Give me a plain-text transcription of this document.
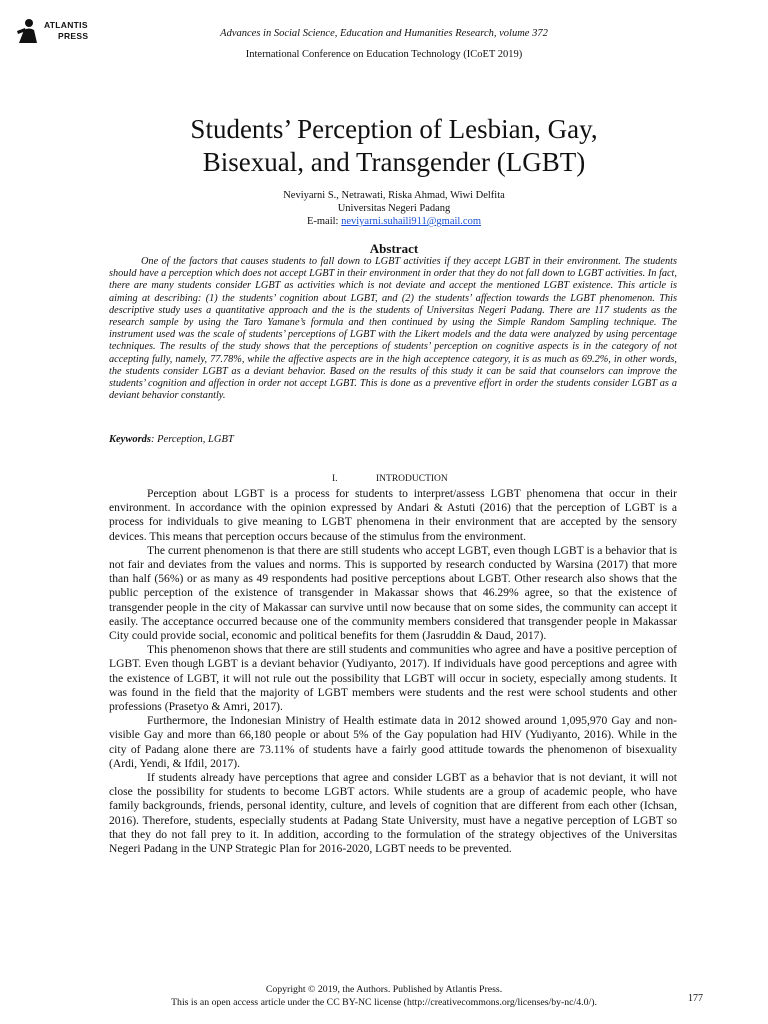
ATLANTIS
PRESS	Advances in Social Science, Education and Humanities Research, volume 372
International Conference on Education Technology (ICoET 2019)
Students’ Perception of Lesbian, Gay,
Bisexual, and Transgender (LGBT)
Neviyarni S., Netrawati, Riska Ahmad, Wiwi Delfita
Universitas Negeri Padang
E-mail: neviyarni.suhaili911@gmail.com
Abstract
One of the factors that causes students to fall down to LGBT activities if they accept LGBT in their environment. The students should have a perception which does not accept LGBT in their environment in order that they do not fall down to LGBT activities. In fact, there are many students consider LGBT as activities which is not deviate and accept the mentioned LGBT existence. This article is aiming at describing: (1) the students’ cognition about LGBT, and (2) the students’ affection towards the LGBT phenomenon. This descriptive study uses a quantitative approach and the is the students of Universitas Negeri Padang. There are 117 students as the research sample by using the Taro Yamane’s formula and then continued by using the Simple Random Sampling technique. The instrument used was the scale of students’ perceptions of LGBT with the Likert models and the data were analyzed by using percentage techniques. The results of the study shows that the perceptions of students’ perception on cognitive aspects is in the category of not accepting fully, namely, 77.78%, while the affective aspects are in the high acceptence category, it is as much as 69.2%, in other words, the students consider LGBT as a deviant behavior. Based on the results of this study it can be said that counselors can improve the students’ cognition and affection in order not accept LGBT. This is done as a preventive effort in order the students consider LGBT as a deviant behavior constantly.
Keywords: Perception, LGBT
I.	INTRODUCTION

Perception about LGBT is a process for students to interpret/assess LGBT phenomena that occur in their environment. In accordance with the opinion expressed by Andari & Astuti (2016) that the perception of LGBT is a process for individuals to give meaning to LGBT phenomena in their environment that are accepted by the sensory devices. This means that perception occurs because of the stimulus from the environment.

The current phenomenon is that there are still students who accept LGBT, even though LGBT is a behavior that is not fair and deviates from the values and norms. This is supported by research conducted by Warsina (2017) that more than half (56%) or as many as 49 respondents had positive perceptions about LGBT. Other research also shows that the public perception of the existence of transgender in Makassar shows that 46.29% agree, so that the existence of transgender people in the city of Makassar can survive until now because that on some sides, the community can accept it easily. The acceptance occurred because one of the community members considered that transgender people in Makassar City could provide social, economic and political benefits for them (Jasruddin & Daud, 2017).

This phenomenon shows that there are still students and communities who agree and have a positive perception of LGBT. Even though LGBT is a deviant behavior (Yudiyanto, 2017). If individuals have good perceptions and agree with the existence of LGBT, it will not rule out the possibility that LGBT will occur in society, especially among students. It was found in the field that the majority of LGBT members were students and the rest were school students and other professions (Prasetyo & Amri, 2017).

Furthermore, the Indonesian Ministry of Health estimate data in 2012 showed around 1,095,970 Gay and non-visible Gay and more than 66,180 people or about 5% of the Gay population had HIV (Yudiyanto, 2016). While in the city of Padang alone there are 73.11% of students have a fairly good attitude towards the phenomenon of bisexuality (Ardi, Yendi, & Ifdil, 2017).

If students already have perceptions that agree and consider LGBT as a behavior that is not deviant, it will not close the possibility for students to become LGBT actors. While students are a group of academic people, who have family backgrounds, friends, personal identity, culture, and levels of cognition that are different from each other (Ichsan, 2016). Therefore, students, especially students at Padang State University, must have a negative perception of LGBT so that they do not fall prey to it. In addition, according to the formulation of the strategy objectives of the Universitas Negeri Padang in the UNP Strategic Plan for 2016-2020, LGBT needs to be prevented.

Copyright © 2019, the Authors. Published by Atlantis Press.
This is an open access article under the CC BY-NC license (http://creativecommons.org/licenses/by-nc/4.0/).	177
